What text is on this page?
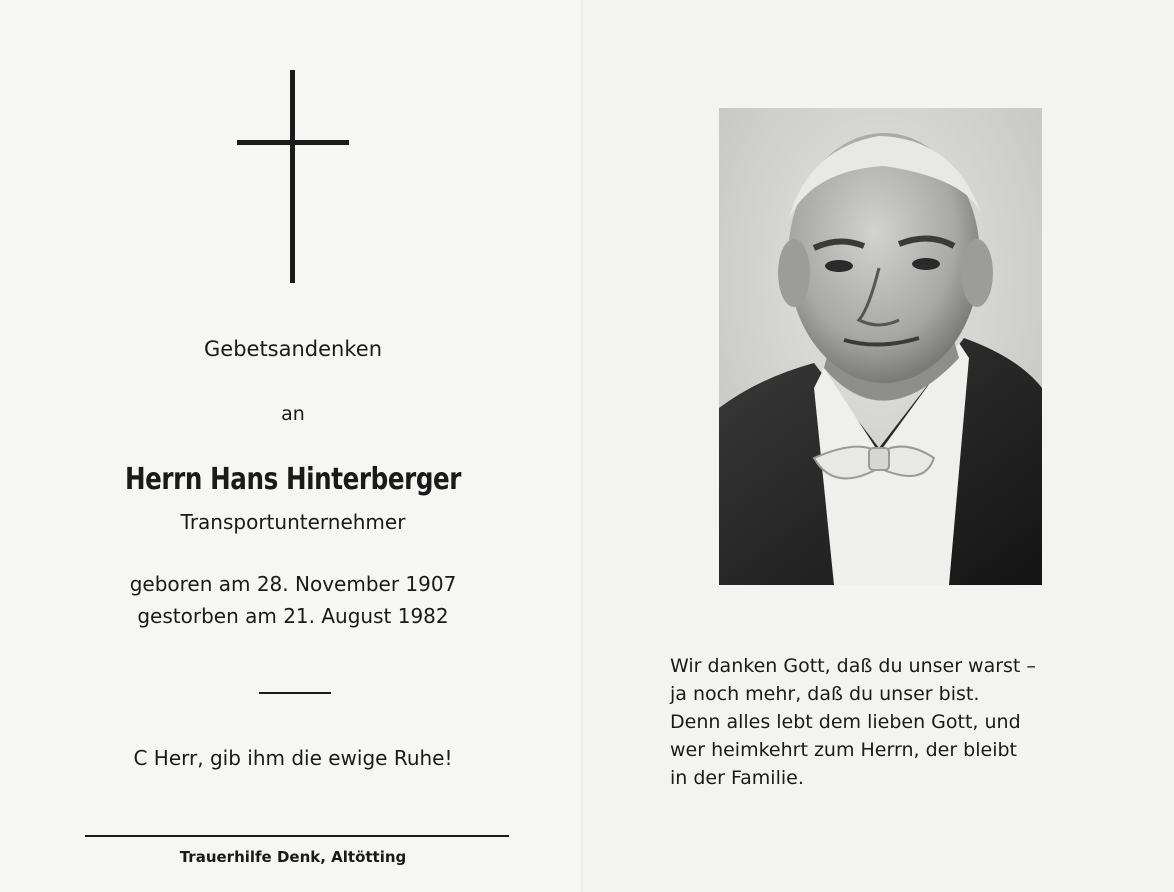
Gebetsandenken
an
Herrn Hans Hinterberger
Transportunternehmer
geboren am 28. November 1907
gestorben am 21. August 1982
C Herr, gib ihm die ewige Ruhe!
Trauerhilfe Denk, Altötting
Wir danken Gott, daß du unser warst –
ja noch mehr, daß du unser bist.
Denn alles lebt dem lieben Gott, und
wer heimkehrt zum Herrn, der bleibt
in der Familie.
